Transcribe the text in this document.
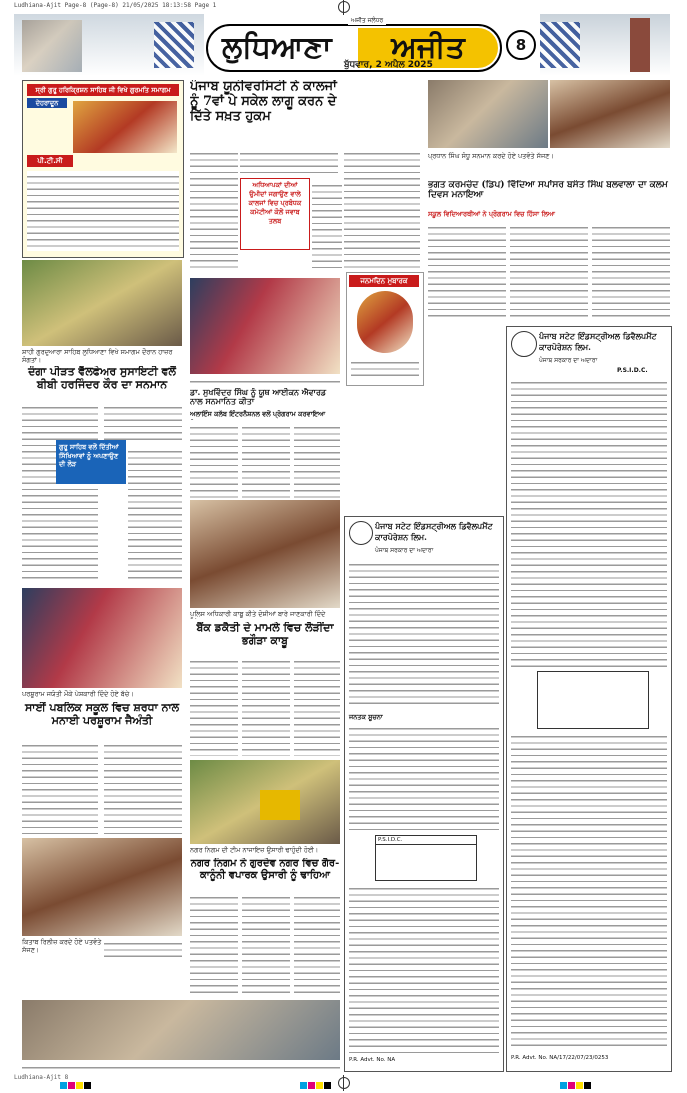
Ludhiana-Ajit Page-8 (Page-8) 21/05/2025 18:13:58 Page 1
ਅਜੀਤ ਜਲੰਧਰ
ਲੁਧਿਆਣਾ	ਅਜੀਤ
ਬੁੱਧਵਾਰ, 2 ਅਪੈਲ 2025
8
ਸ੍ਰੀ ਗੁਰੂ ਹਰਿਕ੍ਰਿਸ਼ਨ ਸਾਹਿਬ ਜੀ ਵਿਖੇ ਗੁਰਮਤਿ ਸਮਾਗਮ
ਦੇਹਰਾਦੂਨ
ਪੀ.ਟੀ.ਸੀ
ਸ਼ਾਹੀ ਗੁਰਦੁਆਰਾ ਸਾਹਿਬ ਲੁਧਿਆਣਾ ਵਿਖੇ ਸਮਾਗਮ ਦੌਰਾਨ ਹਾਜ਼ਰ ਸੰਗਤਾਂ।
ਦੰਗਾ ਪੀੜਤ ਵੈੱਲਫੇਅਰ ਸੁਸਾਇਟੀ ਵਲੋਂ ਬੀਬੀ ਹਰਜਿੰਦਰ ਕੌਰ ਦਾ ਸਨਮਾਨ
ਗੁਰੂ ਸਾਹਿਬ ਵਲੋਂ ਦਿੱਤੀਆਂ ਸਿੱਖਿਆਵਾਂ ਨੂੰ ਅਪਣਾਉਣ ਦੀ ਲੋੜ
ਪਰਸ਼ੂਰਾਮ ਜਯੰਤੀ ਮੌਕੇ ਪੇਸ਼ਕਾਰੀ ਦਿੰਦੇ ਹੋਏ ਬੱਚੇ।
ਸਾਈਂ ਪਬਲਿਕ ਸਕੂਲ ਵਿਚ ਸ਼ਰਧਾ ਨਾਲ ਮਨਾਈ ਪਰਸ਼ੂਰਾਮ ਜੈਅੰਤੀ
ਕਿਤਾਬ ਰਿਲੀਜ਼ ਕਰਦੇ ਹੋਏ ਪਤਵੰਤੇ ਸੱਜਣ।
ਪੰਜਾਬ ਯੂਨੀਵਰਸਿਟੀ ਨੇ ਕਾਲਜਾਂ ਨੂੰ 7ਵਾਂ ਪੇ ਸਕੇਲ ਲਾਗੂ ਕਰਨ ਦੇ ਦਿੱਤੇ ਸਖ਼ਤ ਹੁਕਮ
ਅਧਿਆਪਕਾਂ ਦੀਆਂ ਉਮੀਦਾਂ ਜਗਾਉਣ ਵਾਲੇ ਕਾਲਜਾਂ ਵਿਚ ਪ੍ਰਬੰਧਕ ਕਮੇਟੀਆਂ ਕੋਲੋਂ ਜਵਾਬ ਤਲਬ
ਡਾ. ਸੁਖਵਿੰਦਰ ਸਿੰਘ ਨੂੰ ਯੂਥ ਆਈਕਨ ਐਵਾਰਡ ਨਾਲ ਸਨਮਾਨਿਤ ਕੀਤਾ
ਅਲਾਇੰਸ ਕਲੱਬ ਇੰਟਰਨੈਸ਼ਨਲ ਵਲੋਂ ਪ੍ਰੋਗਰਾਮ ਕਰਵਾਇਆ
ਜਨਮਦਿਨ ਮੁਬਾਰਕ
ਪੁਲਿਸ ਅਧਿਕਾਰੀ ਕਾਬੂ ਕੀਤੇ ਦੋਸ਼ੀਆਂ ਬਾਰੇ ਜਾਣਕਾਰੀ ਦਿੰਦੇ
ਬੈਂਕ ਡਕੈਤੀ ਦੇ ਮਾਮਲੇ ਵਿਚ ਲੋੜੀਂਦਾ ਭਗੌੜਾ ਕਾਬੂ
ਨਗਰ ਨਿਗਮ ਦੀ ਟੀਮ ਨਾਜਾਇਜ਼ ਉਸਾਰੀ ਢਾਹੁੰਦੀ ਹੋਈ।
ਨਗਰ ਨਿਗਮ ਨੇ ਗੁਰਦੇਵ ਨਗਰ ਵਿਚ ਗੈਰ-ਕਾਨੂੰਨੀ ਵਪਾਰਕ ਉਸਾਰੀ ਨੂੰ ਢਾਹਿਆ
ਪੰਜਾਬ ਸਟੇਟ ਇੰਡਸਟ੍ਰੀਅਲ ਡਿਵੈਲਪਮੈਂਟ ਕਾਰਪੋਰੇਸ਼ਨ ਲਿਮ.
ਪੰਜਾਬ ਸਰਕਾਰ ਦਾ ਅਦਾਰਾ
ਜਨਤਕ ਸੂਚਨਾ
P.S.I.D.C.
P.R. Advt. No. NA
ਪ੍ਰਧਾਨ ਸਿੰਘ ਸੰਧੂ ਸਨਮਾਨ ਕਰਦੇ ਹੋਏ ਪਤਵੰਤੇ ਸੱਜਣ।
ਭਗਤ ਕਰਮਚੰਦ (ਡਿਪ) ਵਿੱਦਿਆ ਸਪਾਂਸਰ ਬਸੰਤ ਸਿੰਘ ਬਲਵਾਲਾ ਦਾ ਕਲਮ ਦਿਵਸ ਮਨਾਇਆ
ਸਕੂਲ ਵਿਦਿਆਰਥੀਆਂ ਨੇ ਪ੍ਰੋਗਰਾਮ ਵਿਚ ਹਿੱਸਾ ਲਿਆ
ਪੰਜਾਬ ਸਟੇਟ ਇੰਡਸਟ੍ਰੀਅਲ ਡਿਵੈਲਪਮੈਂਟ ਕਾਰਪੋਰੇਸ਼ਨ ਲਿਮ.
ਪੰਜਾਬ ਸਰਕਾਰ ਦਾ ਅਦਾਰਾ
P.S.I.D.C.
P.R. Advt. No. NA/17/22/07/23/0253
Ludhiana-Ajit 8
